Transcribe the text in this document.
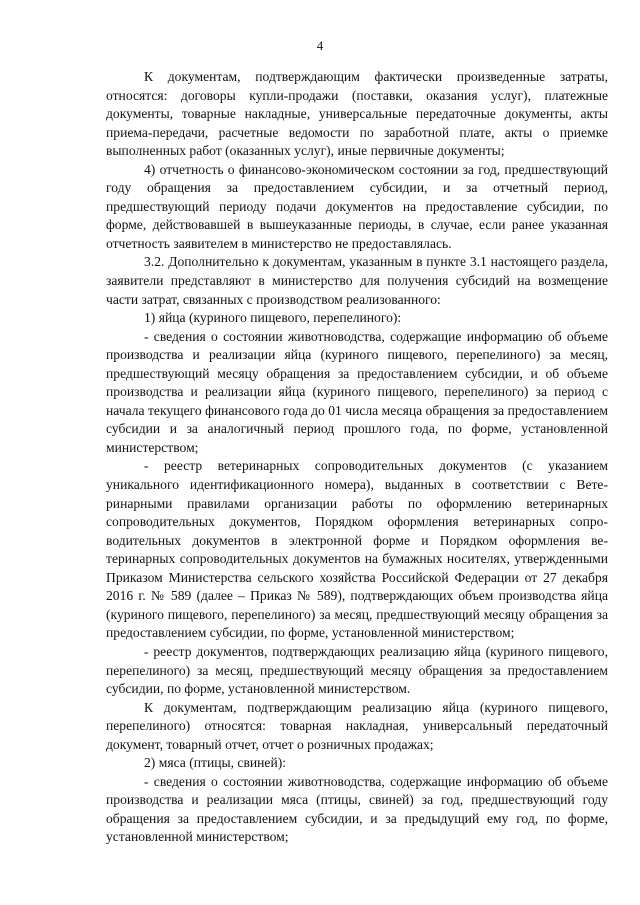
4

К документам, подтверждающим фактически произведенные затраты, относятся: договоры купли-продажи (поставки, оказания услуг), платежные документы, товарные накладные, универсальные передаточные документы, акты приема-передачи, расчетные ведомости по заработной плате, акты о приемке выполненных работ (оказанных услуг), иные первичные документы;

4) отчетность о финансово-экономическом состоянии за год, предшествующий году обращения за предоставлением субсидии, и за отчетный период, предшествующий периоду подачи документов на предоставление субсидии, по форме, действовавшей в вышеуказанные периоды, в случае, если ранее указанная отчетность заявителем в министерство не предоставлялась.

3.2. Дополнительно к документам, указанным в пункте 3.1 настоящего раздела, заявители представляют в министерство для получения субсидий на возмещение части затрат, связанных с производством реализованного:

1) яйца (куриного пищевого, перепелиного):

- сведения о состоянии животноводства, содержащие информацию об объеме производства и реализации яйца (куриного пищевого, перепелиного) за месяц, предшествующий месяцу обращения за предоставлением субсидии, и об объеме производства и реализации яйца (куриного пищевого, перепелиного) за период с начала текущего финансового года до 01 числа месяца обращения за предоставлением субсидии и за аналогичный период прошлого года, по форме, установленной министерством;

- реестр ветеринарных сопроводительных документов (с указанием уникального идентификационного номера), выданных в соответствии с Ветеринарными правилами организации работы по оформлению ветеринарных сопроводительных документов, Порядком оформления ветеринарных сопроводительных документов в электронной форме и Порядком оформления ветеринарных сопроводительных документов на бумажных носителях, утвержденными Приказом Министерства сельского хозяйства Российской Федерации от 27 декабря 2016 г. № 589 (далее – Приказ № 589), подтверждающих объем производства яйца (куриного пищевого, перепелиного) за месяц, предшествующий месяцу обращения за предоставлением субсидии, по форме, установленной министерством;

- реестр документов, подтверждающих реализацию яйца (куриного пищевого, перепелиного) за месяц, предшествующий месяцу обращения за предоставлением субсидии, по форме, установленной министерством.

К документам, подтверждающим реализацию яйца (куриного пищевого, перепелиного) относятся: товарная накладная, универсальный передаточный документ, товарный отчет, отчет о розничных продажах;

2) мяса (птицы, свиней):

- сведения о состоянии животноводства, содержащие информацию об объеме производства и реализации мяса (птицы, свиней) за год, предшествующий году обращения за предоставлением субсидии, и за предыдущий ему год, по форме, установленной министерством;
